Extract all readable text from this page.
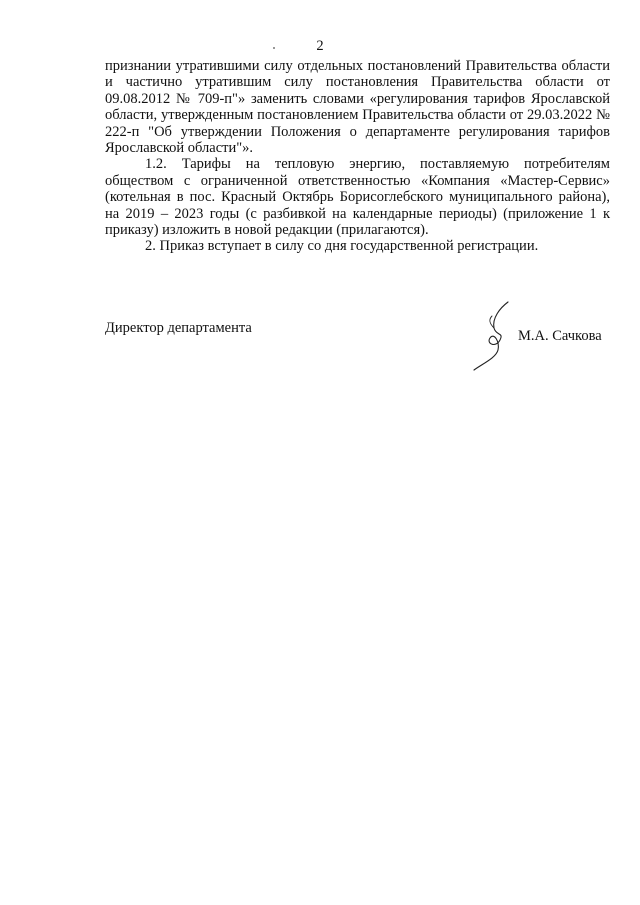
2

признании утратившими силу отдельных постановлений Правительства области и частично утратившим силу постановления Правительства области от 09.08.2012 № 709-п"» заменить словами «регулирования тарифов Ярославской области, утвержденным постановлением Правительства области от 29.03.2022 № 222-п "Об утверждении Положения о департаменте регулирования тарифов Ярославской области"».

1.2. Тарифы на тепловую энергию, поставляемую потребителям обществом с ограниченной ответственностью «Компания «Мастер-Сервис» (котельная в пос. Красный Октябрь Борисоглебского муниципального района), на 2019 – 2023 годы (с разбивкой на календарные периоды) (приложение 1 к приказу) изложить в новой редакции (прилагаются).

2. Приказ вступает в силу со дня государственной регистрации.

Директор департамента	М.А. Сачкова
